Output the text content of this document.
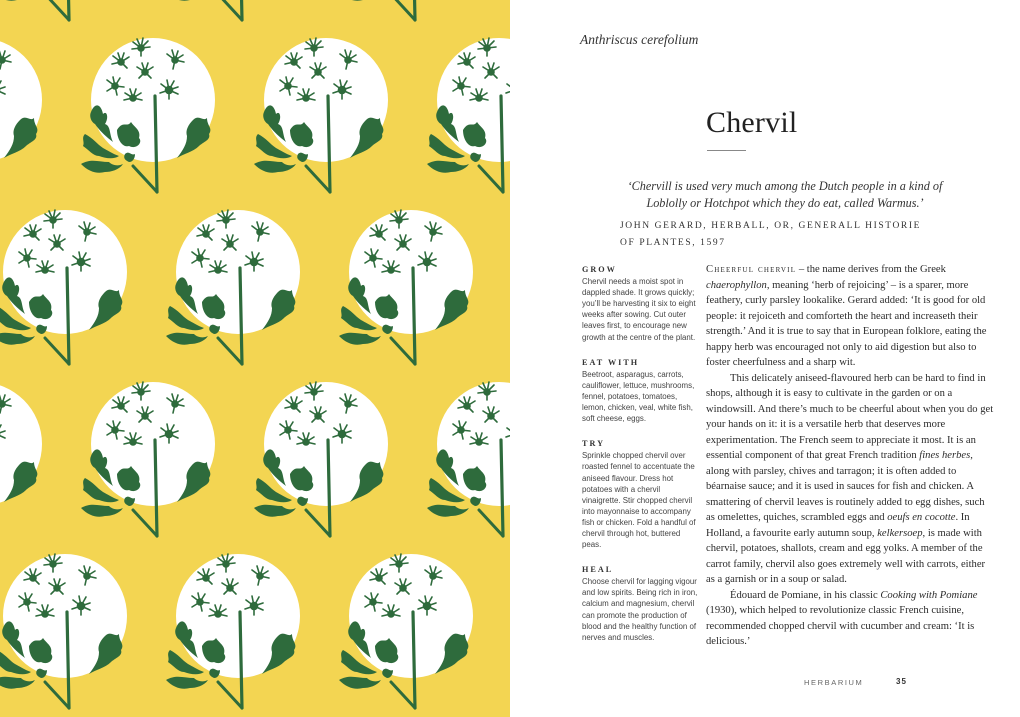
Anthriscus cerefolium
Chervil
‘Chervill is used very much among the Dutch people in a kind of Loblolly or Hotchpot which they do eat, called Warmus.’
JOHN GERARD, HERBALL, OR, GENERALL HISTORIE
OF PLANTES, 1597
GROW
Chervil needs a moist spot in dappled shade. It grows quickly; you’ll be harvesting it six to eight weeks after sowing. Cut outer leaves first, to encourage new growth at the centre of the plant.
EAT WITH
Beetroot, asparagus, carrots, cauliflower, lettuce, mushrooms, fennel, potatoes, tomatoes, lemon, chicken, veal, white fish, soft cheese, eggs.
TRY
Sprinkle chopped chervil over roasted fennel to accentuate the aniseed flavour. Dress hot potatoes with a chervil vinaigrette. Stir chopped chervil into mayonnaise to accompany fish or chicken. Fold a handful of chervil through hot, buttered peas.
HEAL
Choose chervil for lagging vigour and low spirits. Being rich in iron, calcium and magnesium, chervil can promote the production of blood and the healthy function of nerves and muscles.

Cheerful chervil – the name derives from the Greek chaerophyllon, meaning ‘herb of rejoicing’ – is a sparer, more feathery, curly parsley lookalike. Gerard added: ‘It is good for old people: it rejoiceth and comforteth the heart and increaseth their strength.’ And it is true to say that in European folklore, eating the happy herb was encouraged not only to aid digestion but also to foster cheerfulness and a sharp wit.

This delicately aniseed-flavoured herb can be hard to find in shops, although it is easy to cultivate in the garden or on a windowsill. And there’s much to be cheerful about when you do get your hands on it: it is a versatile herb that deserves more experimentation. The French seem to appreciate it most. It is an essential component of that great French tradition fines herbes, along with parsley, chives and tarragon; it is often added to béarnaise sauce; and it is used in sauces for fish and chicken. A smattering of chervil leaves is routinely added to egg dishes, such as omelettes, quiches, scrambled eggs and oeufs en cocotte. In Holland, a favourite early autumn soup, kelkersoep, is made with chervil, potatoes, shallots, cream and egg yolks. A member of the carrot family, chervil also goes extremely well with carrots, either as a garnish or in a soup or salad.

Édouard de Pomiane, in his classic Cooking with Pomiane (1930), which helped to revolutionize classic French cuisine, recommended chopped chervil with cucumber and cream: ‘It is delicious.’

HERBARIUM	35
